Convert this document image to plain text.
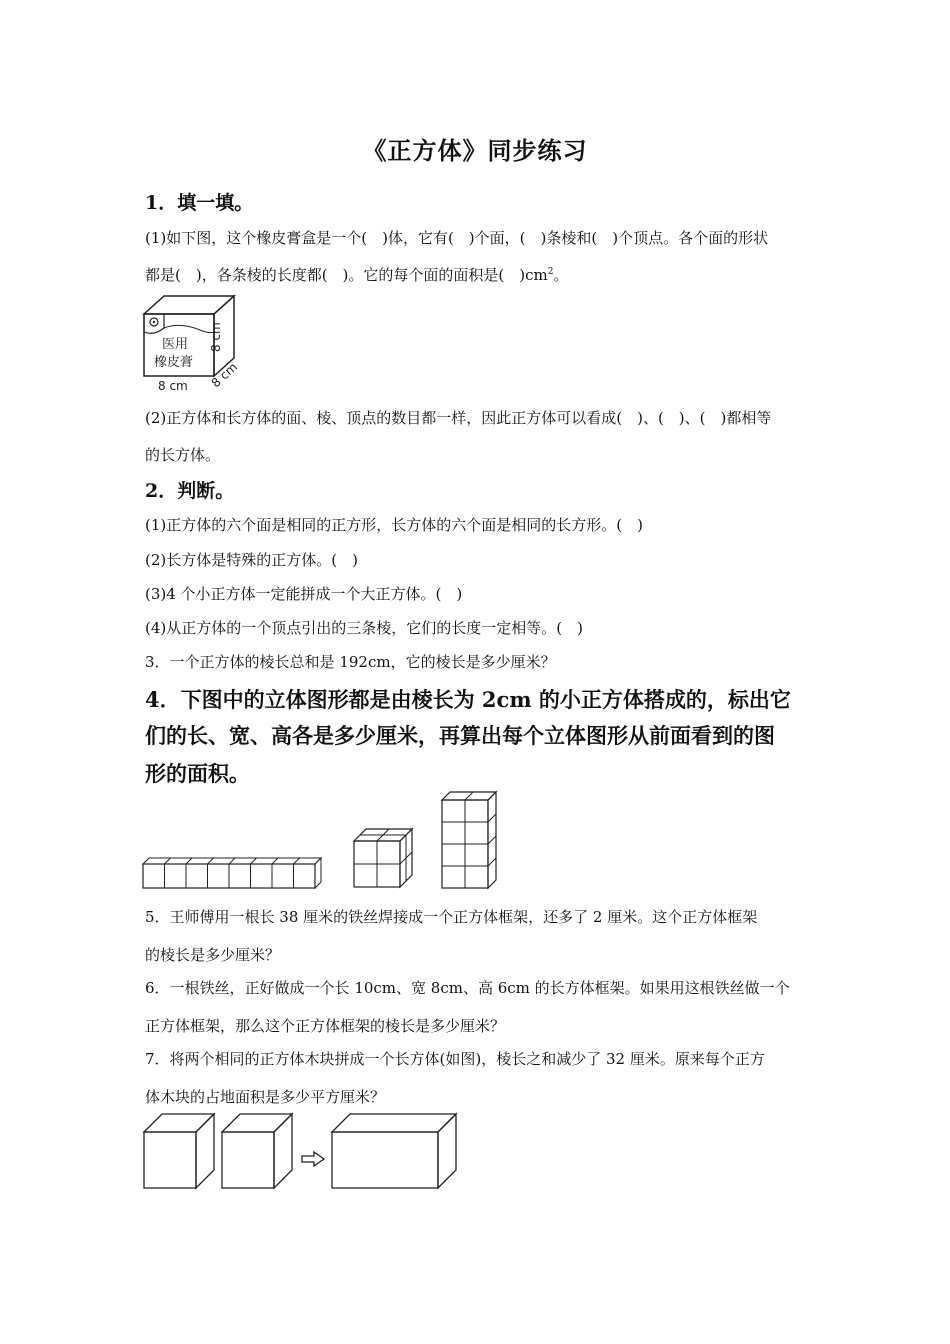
《正方体》同步练习
1．填一填。
(1)如下图，这个橡皮膏盒是一个(　)体，它有(　)个面，(　)条棱和(　)个顶点。各个面的形状
都是(　)，各条棱的长度都(　)。它的每个面的面积是(　)$cm^2$。
医用
橡皮膏
8 cm
8 cm
8 cm
(2)正方体和长方体的面、棱、顶点的数目都一样，因此正方体可以看成(　)、(　)、(　)都相等
的长方体。
2．判断。
(1)正方体的六个面是相同的正方形，长方体的六个面是相同的长方形。(　)
(2)长方体是特殊的正方体。(　)
(3)4 个小正方体一定能拼成一个大正方体。(　)
(4)从正方体的一个顶点引出的三条棱，它们的长度一定相等。(　)
3．一个正方体的棱长总和是 192cm，它的棱长是多少厘米？
4．下图中的立体图形都是由棱长为 2cm 的小正方体搭成的，标出它
们的长、宽、高各是多少厘米，再算出每个立体图形从前面看到的图
形的面积。
5．王师傅用一根长 38 厘米的铁丝焊接成一个正方体框架，还多了 2 厘米。这个正方体框架
的棱长是多少厘米？
6．一根铁丝，正好做成一个长 10cm、宽 8cm、高 6cm 的长方体框架。如果用这根铁丝做一个
正方体框架，那么这个正方体框架的棱长是多少厘米？
7．将两个相同的正方体木块拼成一个长方体(如图)，棱长之和减少了 32 厘米。原来每个正方
体木块的占地面积是多少平方厘米？
